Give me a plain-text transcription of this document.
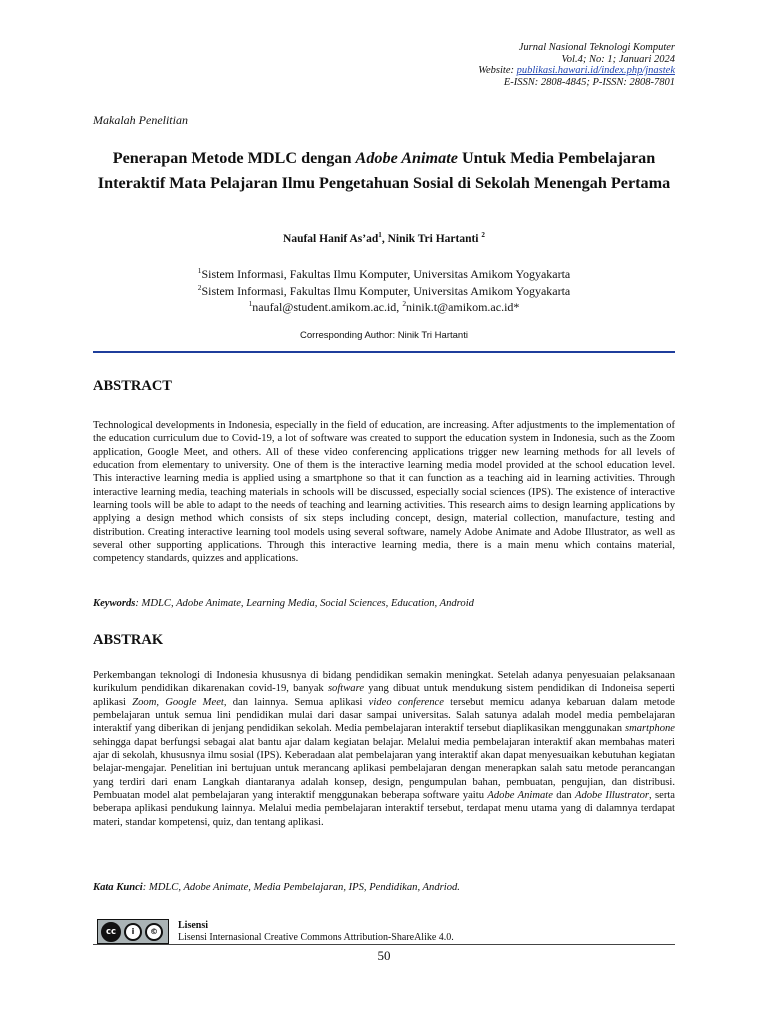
Jurnal Nasional Teknologi Komputer
Vol.4; No: 1; Januari 2024
Website: publikasi.hawari.id/index.php/jnastek
E-ISSN: 2808-4845; P-ISSN: 2808-7801
Makalah Penelitian
Penerapan Metode MDLC dengan Adobe Animate Untuk Media Pembelajaran Interaktif Mata Pelajaran Ilmu Pengetahuan Sosial di Sekolah Menengah Pertama
Naufal Hanif $As’ad^1$, Ninik Tri Hartanti $^2$
$^1$Sistem Informasi, Fakultas Ilmu Komputer, Universitas Amikom Yogyakarta
$^2$Sistem Informasi, Fakultas Ilmu Komputer, Universitas Amikom Yogyakarta
$^1$naufal@student.amikom.ac.id, $^2$ninik.t@amikom.ac.id*
Corresponding Author: Ninik Tri Hartanti
ABSTRACT

Technological developments in Indonesia, especially in the field of education, are increasing. After adjustments to the implementation of the education curriculum due to Covid-19, a lot of software was created to support the education system in Indonesia, such as the Zoom application, Google Meet, and others. All of these video conferencing applications trigger new learning methods for all levels of education from elementary to university. One of them is the interactive learning media model provided at the school education level. This interactive learning media is applied using a smartphone so that it can function as a teaching aid in learning activities. Through interactive learning media, teaching materials in schools will be discussed, especially social sciences (IPS). The existence of interactive learning tools will be able to adapt to the needs of teaching and learning activities. This research aims to design learning applications by applying a design method which consists of six steps including concept, design, material collection, manufacture, testing and distribution. Creating interactive learning tool models using several software, namely Adobe Animate and Adobe Illustrator, as well as several other supporting applications. Through this interactive learning media, there is a main menu which contains material, competency standards, quizzes and applications.

Keywords: MDLC, Adobe Animate, Learning Media, Social Sciences, Education, Android
ABSTRAK

Perkembangan teknologi di Indonesia khususnya di bidang pendidikan semakin meningkat. Setelah adanya penyesuaian pelaksanaan kurikulum pendidikan dikarenakan covid-19, banyak software yang dibuat untuk mendukung sistem pendidikan di Indoneisa seperti aplikasi Zoom, Google Meet, dan lainnya. Semua aplikasi video conference tersebut memicu adanya kebaruan dalam metode pembelajaran untuk semua lini pendidikan mulai dari dasar sampai universitas. Salah satunya adalah model media pembelajaran interaktif yang diberikan di jenjang pendidikan sekolah. Media pembelajaran interaktif tersebut diaplikasikan menggunakan smartphone sehingga dapat berfungsi sebagai alat bantu ajar dalam kegiatan belajar. Melalui media pembelajaran interaktif akan membahas materi ajar di sekolah, khususnya ilmu sosial (IPS). Keberadaan alat pembelajaran yang interaktif akan dapat menyesuaikan kebutuhan kegiatan belajar-mengajar. Penelitian ini bertujuan untuk merancang aplikasi pembelajaran dengan menerapkan salah satu metode perancangan yang terdiri dari enam Langkah diantaranya adalah konsep, design, pengumpulan bahan, pembuatan, pengujian, dan distribusi. Pembuatan model alat pembelajaran yang interaktif menggunakan beberapa software yaitu Adobe Animate dan Adobe Illustrator, serta beberapa aplikasi pendukung lainnya. Melalui media pembelajaran interaktif tersebut, terdapat menu utama yang di dalamnya terdapat materi, standar kompetensi, quiz, dan tentang aplikasi.

Kata Kunci: MDLC, Adobe Animate, Media Pembelajaran, IPS, Pendidikan, Andriod.
cc	i	©
Lisensi
Lisensi Internasional Creative Commons Attribution-ShareAlike 4.0.
50
